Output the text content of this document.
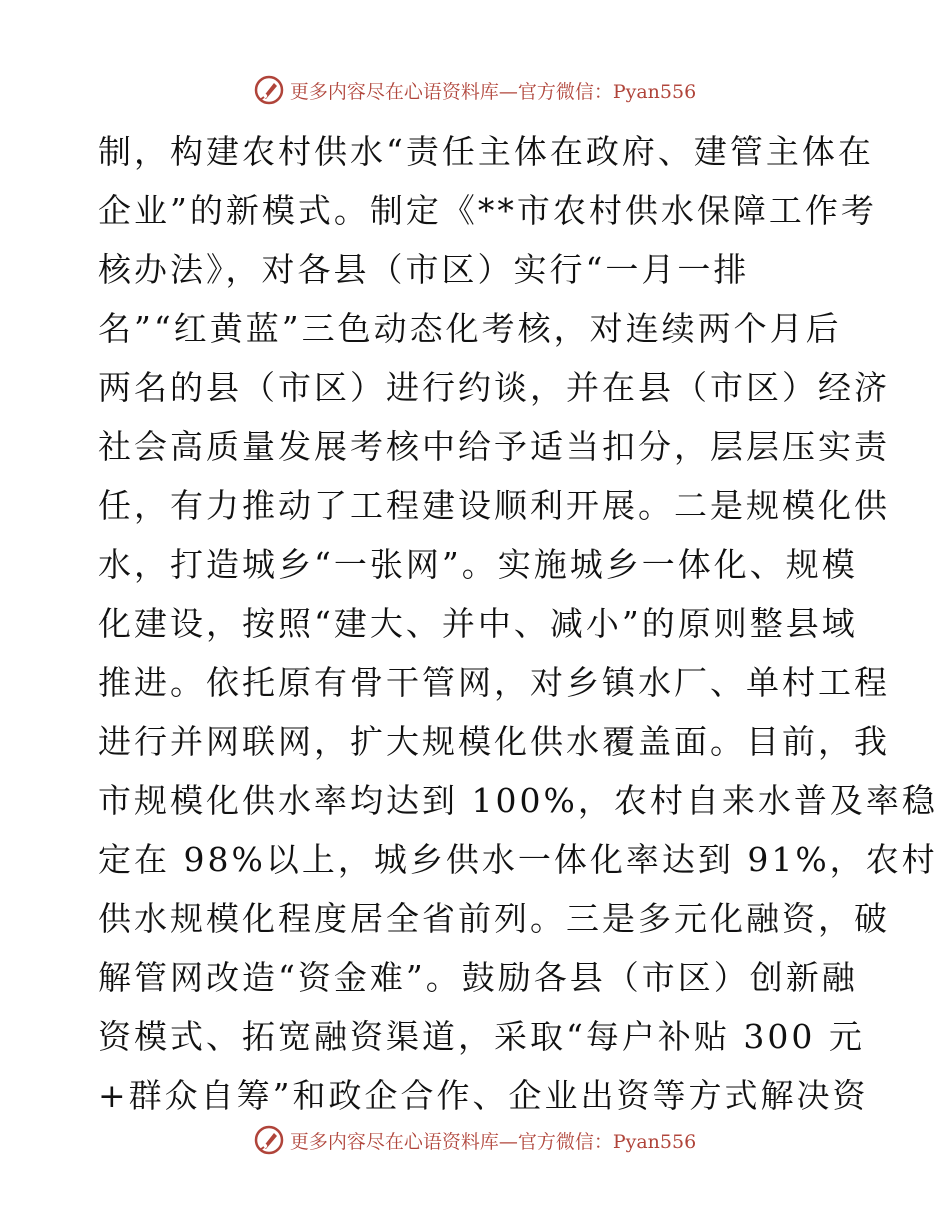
更多内容尽在心语资料库—官方微信：Pyan556
制，构建农村供水“责任主体在政府、建管主体在
企业”的新模式。制定《**市农村供水保障工作考
核办法》，对各县（市区）实行“一月一排
名”“红黄蓝”三色动态化考核，对连续两个月后
两名的县（市区）进行约谈，并在县（市区）经济
社会高质量发展考核中给予适当扣分，层层压实责
任，有力推动了工程建设顺利开展。二是规模化供
水，打造城乡“一张网”。实施城乡一体化、规模
化建设，按照“建大、并中、减小”的原则整县域
推进。依托原有骨干管网，对乡镇水厂、单村工程
进行并网联网，扩大规模化供水覆盖面。目前，我
市规模化供水率均达到 100%，农村自来水普及率稳
定在 98%以上，城乡供水一体化率达到 91%，农村
供水规模化程度居全省前列。三是多元化融资，破
解管网改造“资金难”。鼓励各县（市区）创新融
资模式、拓宽融资渠道，采取“每户补贴 300 元
+群众自筹”和政企合作、企业出资等方式解决资
更多内容尽在心语资料库—官方微信：Pyan556
